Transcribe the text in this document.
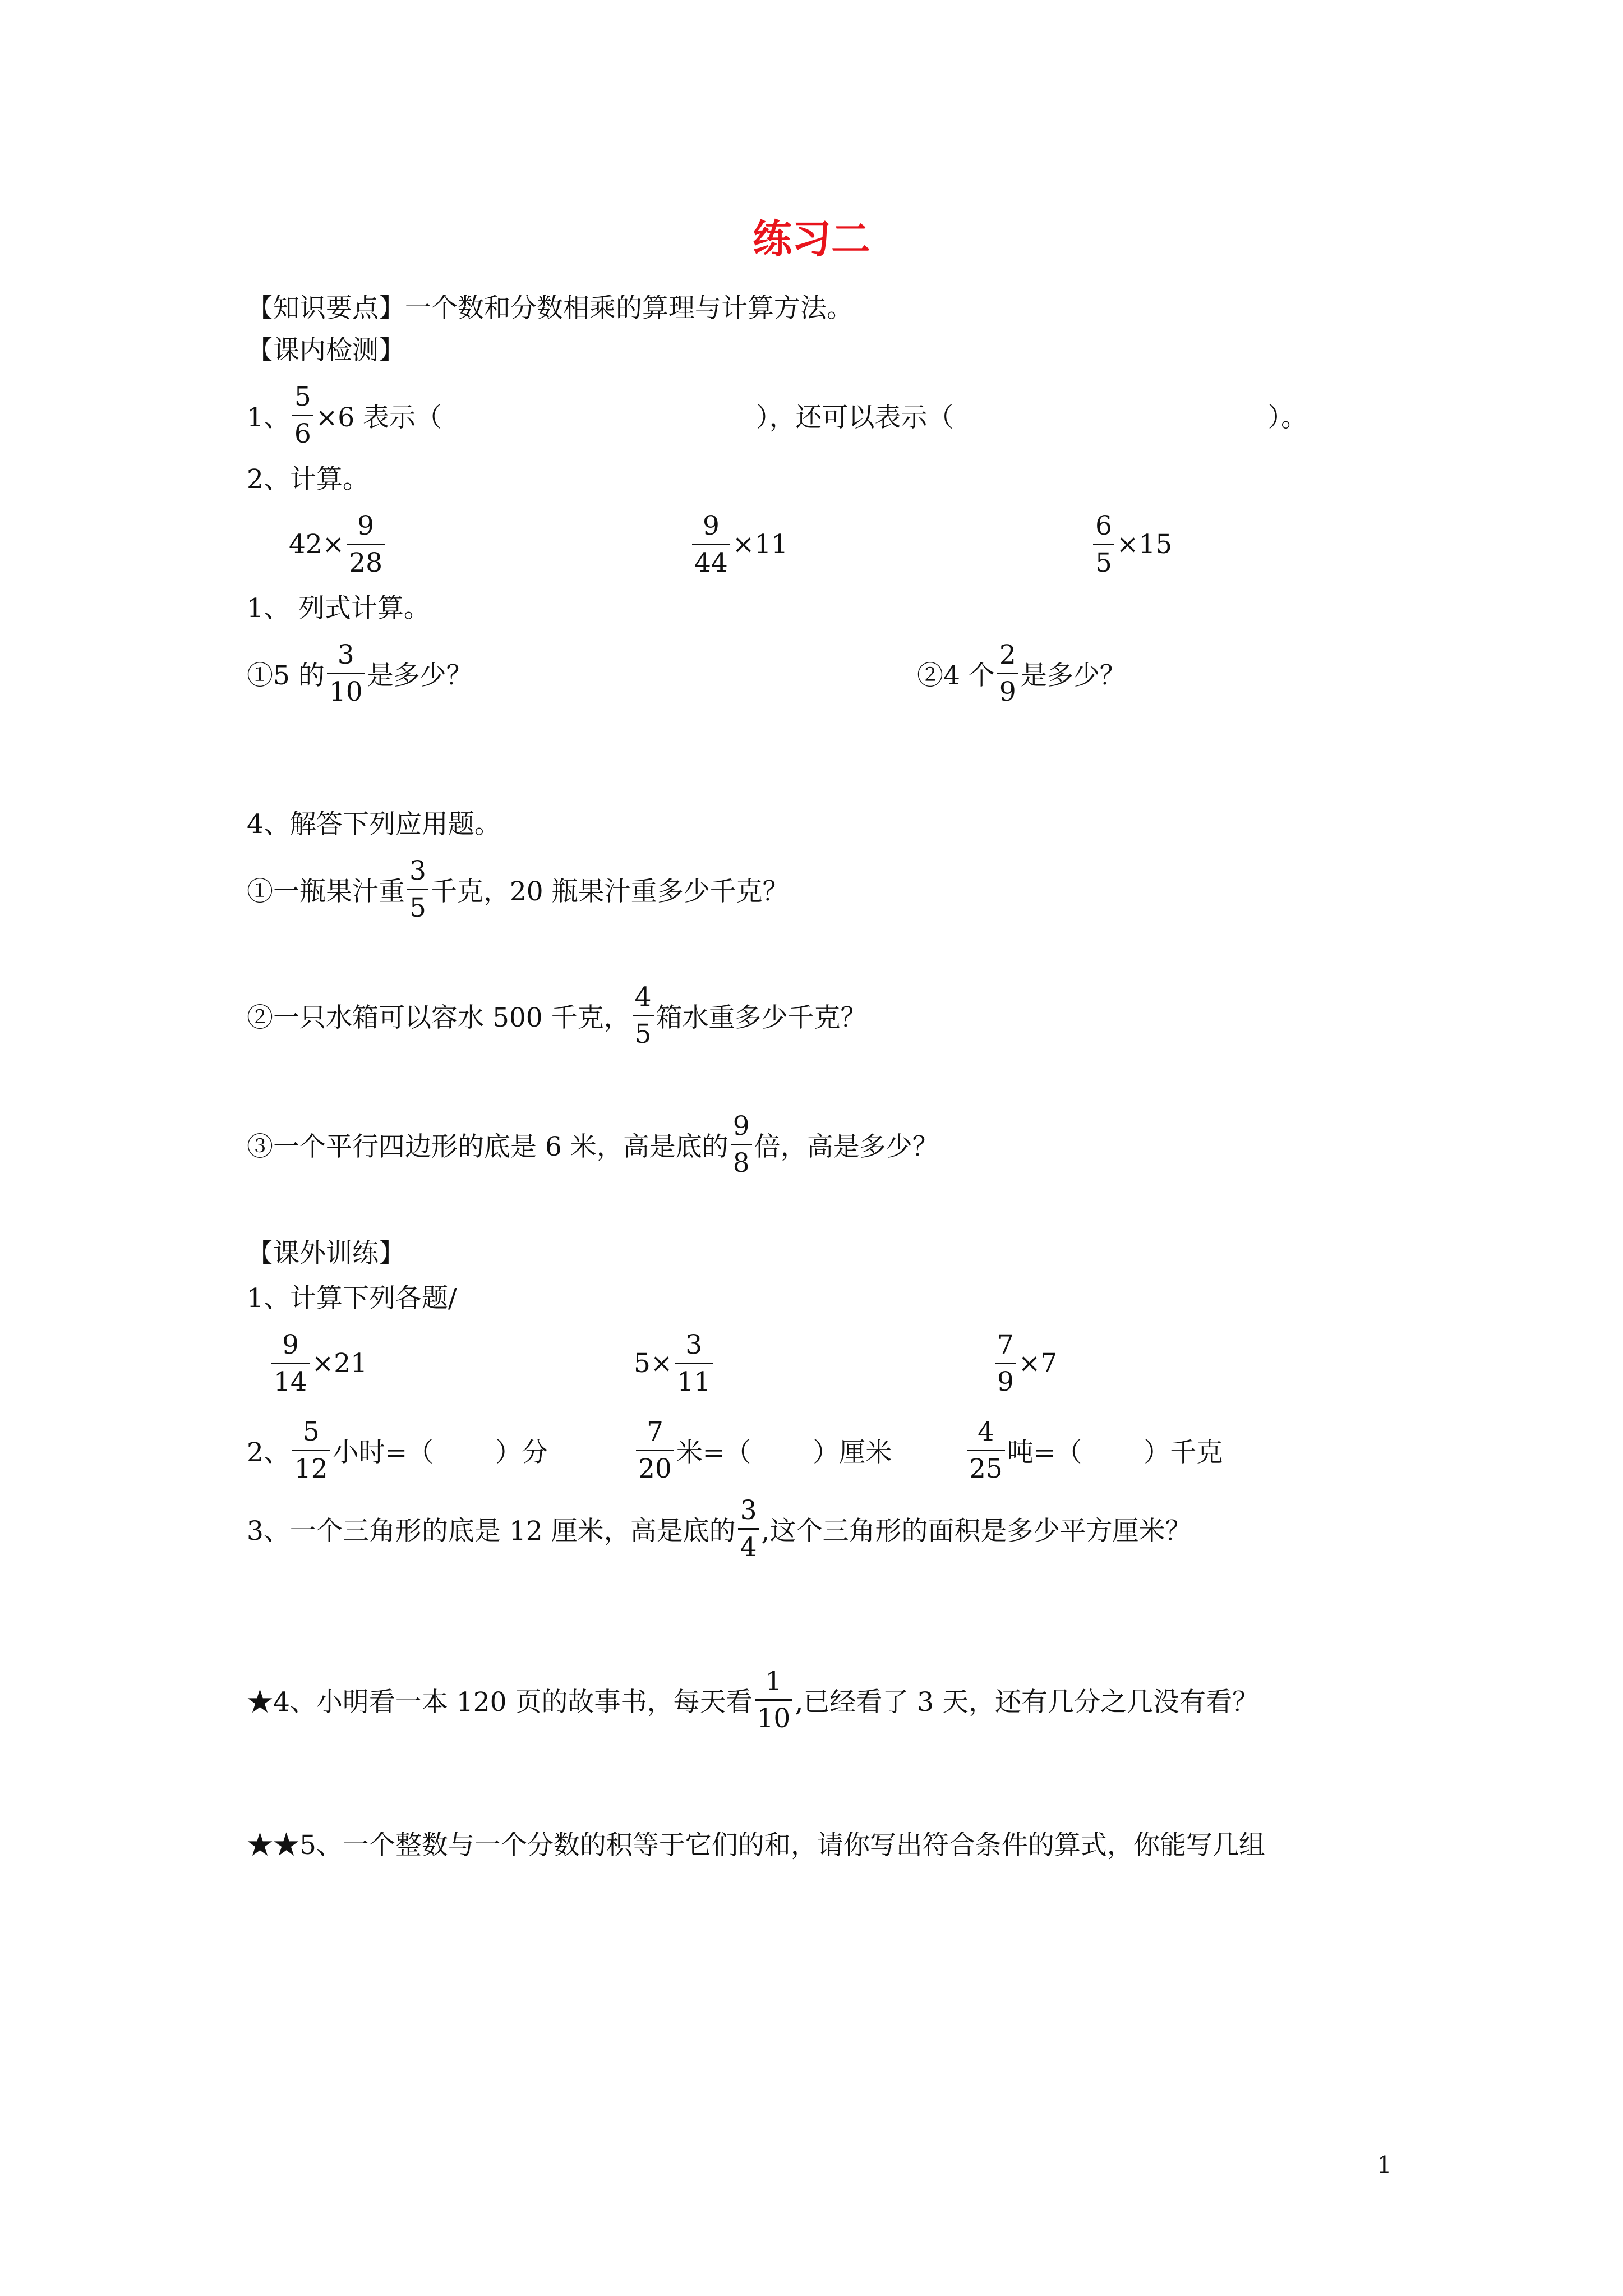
练习二
【知识要点】一个数和分数相乘的算理与计算方法。
【课内检测】
1、 $\frac{5}{6} \times 6$ 表示（	），还可以表示（	）。
2、计算。
$42\times \frac{9}{28}$	$\frac{9}{44} \times 11$	$\frac{6}{5} \times 15$
1、 列式计算。
①5 的 $\frac{3}{10}$ 是多少？	②4 个 $\frac{2}{9}$ 是多少？
4、解答下列应用题。
①一瓶果汁重 $\frac{3}{5}$ 千克，20 瓶果汁重多少千克？
②一只水箱可以容水 500 千克， $\frac{4}{5}$ 箱水重多少千克？
③一个平行四边形的底是 6 米，高是底的 $\frac{9}{8}$ 倍，高是多少？
【课外训练】
1、计算下列各题/
$\frac{9}{14} \times 21$	$5\times \frac{3}{11}$	$\frac{7}{9} \times 7$
2、 $\frac{5}{12}$ 小时=（ ）分	$\frac{7}{20}$ 米=（ ）厘米	$\frac{4}{25}$ 吨=（ ）千克
3、一个三角形的底是 12 厘米，高是底的 $\frac{3}{4}$ ,这个三角形的面积是多少平方厘米？
★4、小明看一本 120 页的故事书，每天看 $\frac{1}{10}$ ,已经看了 3 天，还有几分之几没有看？
★★5、一个整数与一个分数的积等于它们的和，请你写出符合条件的算式，你能写几组
1
